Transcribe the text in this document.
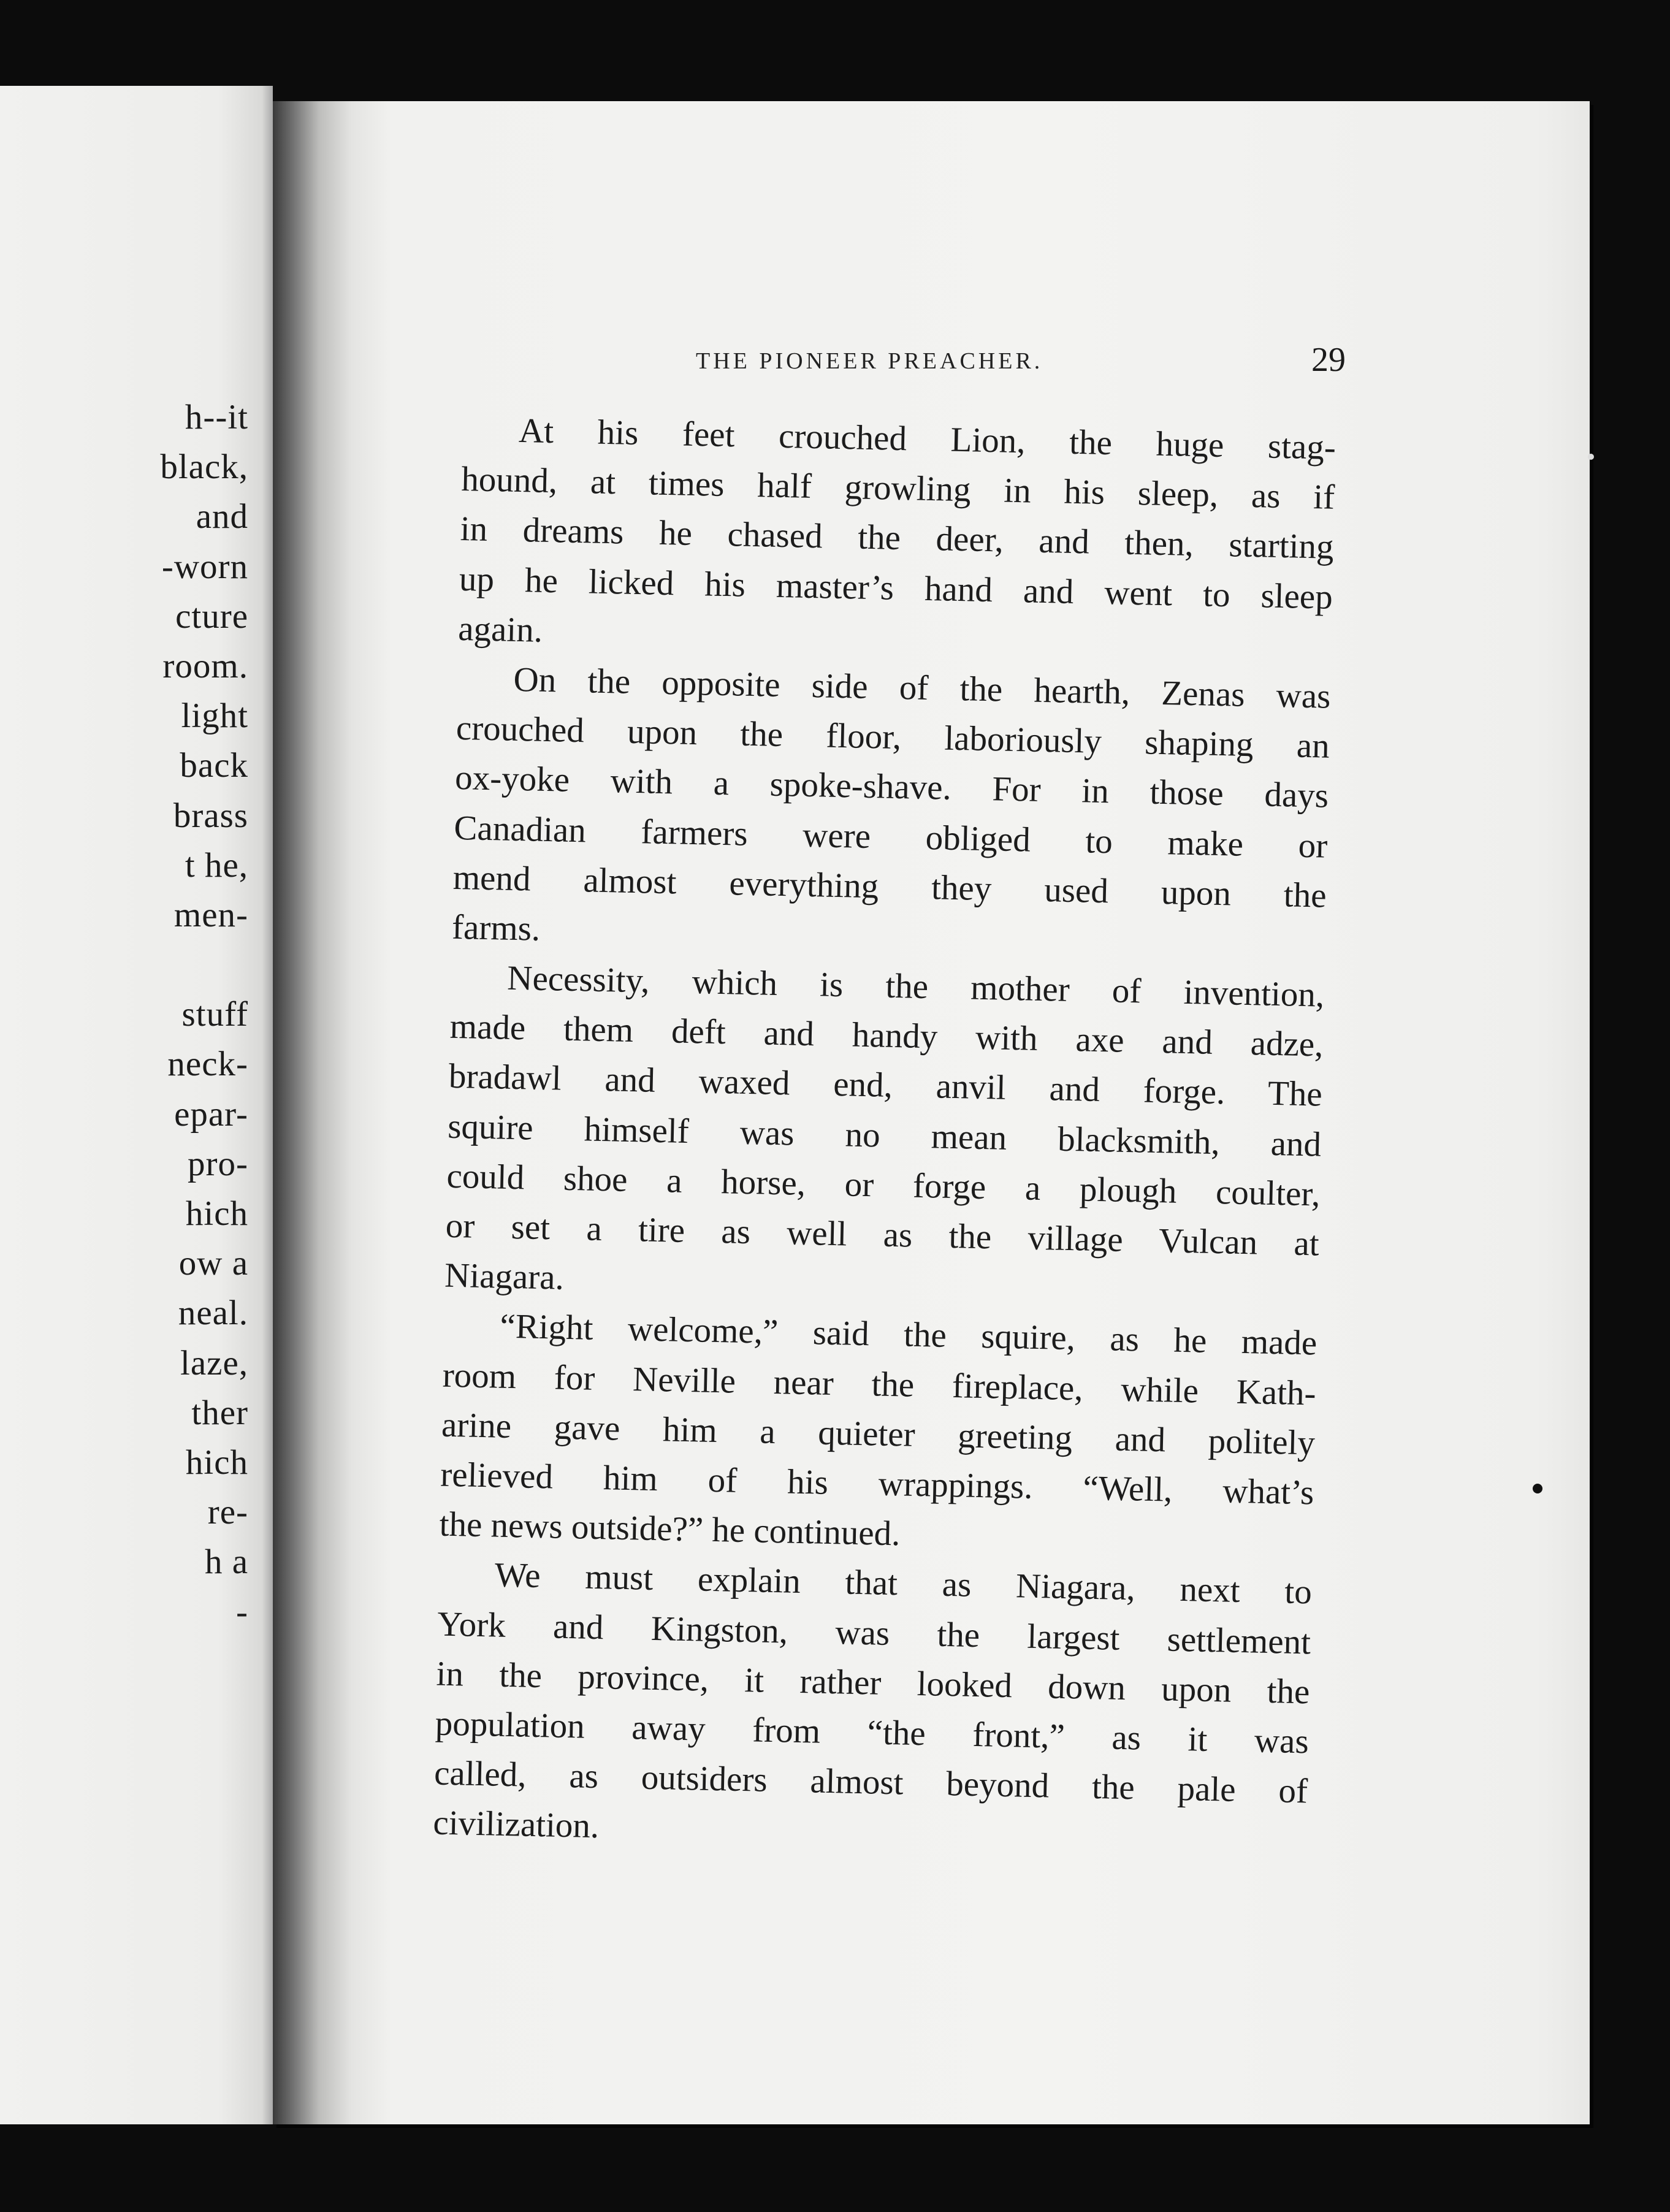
h--it
black,
and
-worn
cture
room.
light
back
brass
t he,
men-
stuff
neck-
epar-
pro-
hich
ow a
neal.
laze,
ther
hich
re-
h a
-
THE PIONEER PREACHER.	29
At his feet crouched Lion, the huge stag-
hound, at times half growling in his sleep, as if
in dreams he chased the deer, and then, starting
up he licked his master’s hand and went to sleep
again.
On the opposite side of the hearth, Zenas was
crouched upon the floor, laboriously shaping an
ox-yoke with a spoke-shave. For in those days
Canadian farmers were obliged to make or
mend almost everything they used upon the
farms.
Necessity, which is the mother of invention,
made them deft and handy with axe and adze,
bradawl and waxed end, anvil and forge. The
squire himself was no mean blacksmith, and
could shoe a horse, or forge a plough coulter,
or set a tire as well as the village Vulcan at
Niagara.
“Right welcome,” said the squire, as he made
room for Neville near the fireplace, while Kath-
arine gave him a quieter greeting and politely
relieved him of his wrappings. “Well, what’s
the news outside?” he continued.
We must explain that as Niagara, next to
York and Kingston, was the largest settlement
in the province, it rather looked down upon the
population away from “the front,” as it was
called, as outsiders almost beyond the pale of
civilization.
